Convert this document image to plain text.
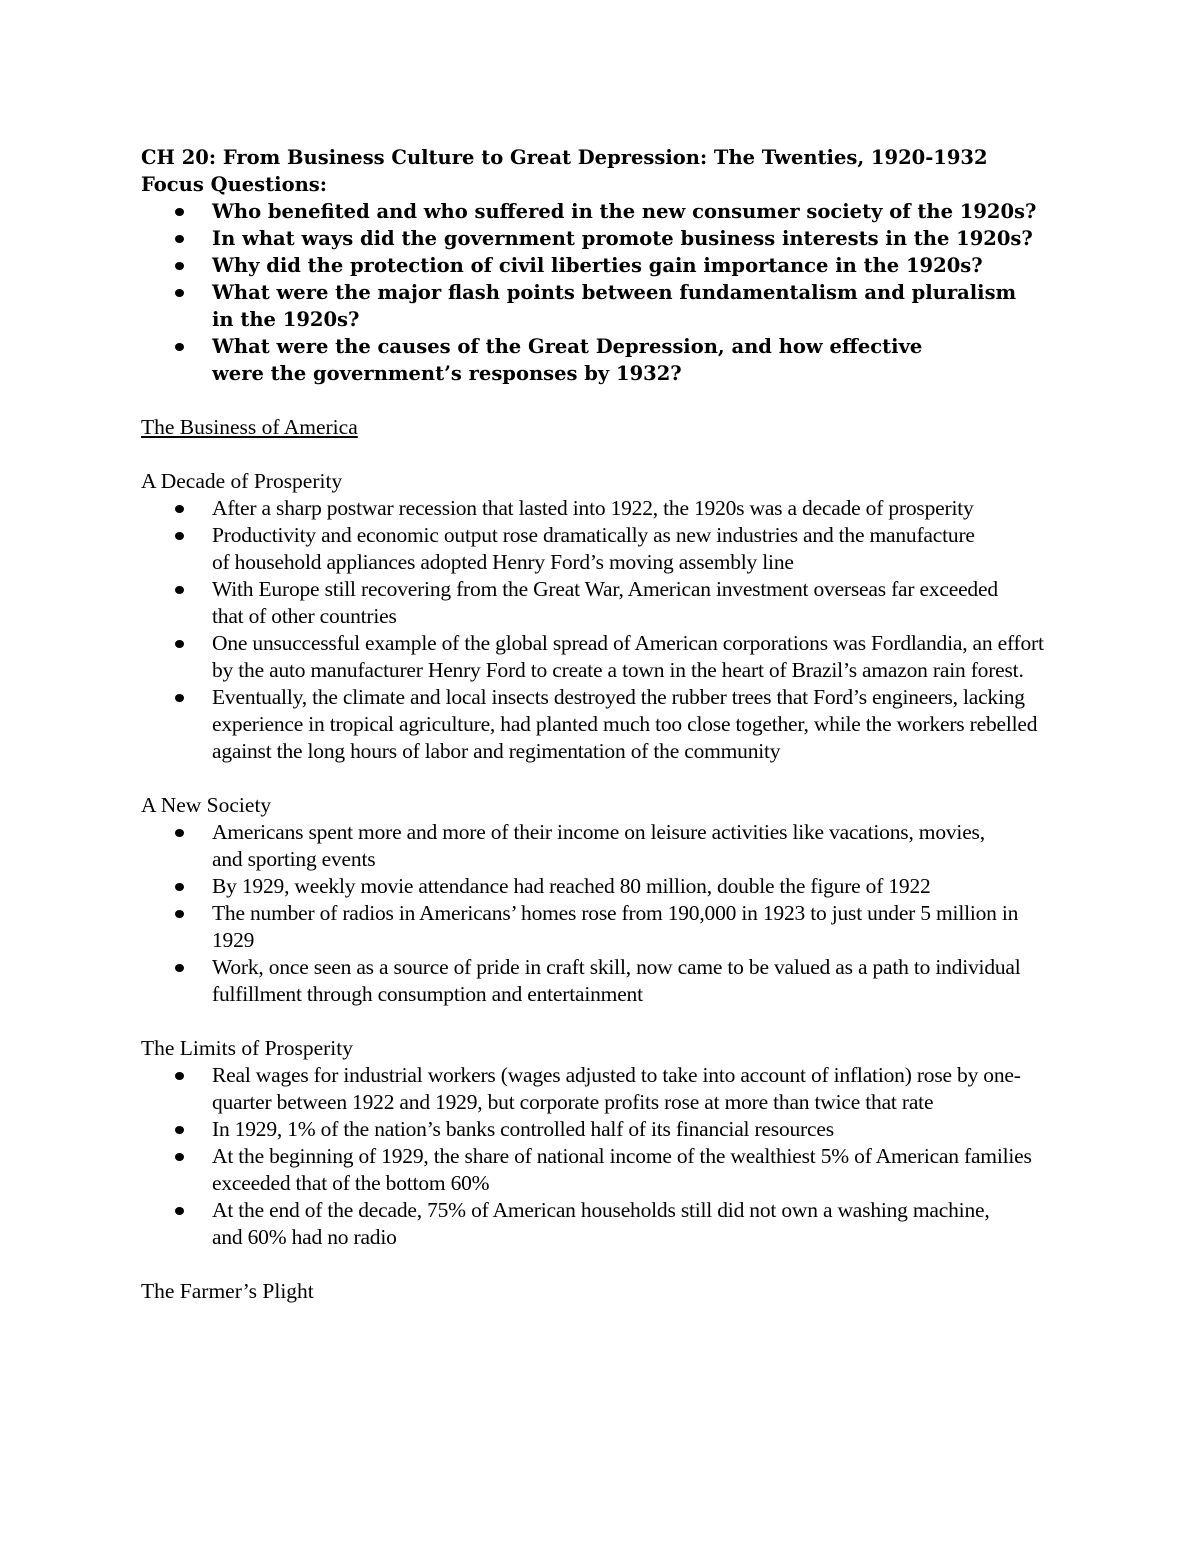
CH 20: From Business Culture to Great Depression: The Twenties, 1920-1932

Focus Questions:

Who benefited and who suffered in the new consumer society of the 1920s?
In what ways did the government promote business interests in the 1920s?
Why did the protection of civil liberties gain importance in the 1920s?
What were the major flash points between fundamentalism and pluralism in the 1920s?
What were the causes of the Great Depression, and how effective were the government’s responses by 1932?

The Business of America

A Decade of Prosperity

After a sharp postwar recession that lasted into 1922, the 1920s was a decade of prosperity
Productivity and economic output rose dramatically as new industries and the manufacture of household appliances adopted Henry Ford’s moving assembly line
With Europe still recovering from the Great War, American investment overseas far exceeded that of other countries
One unsuccessful example of the global spread of American corporations was Fordlandia, an effort by the auto manufacturer Henry Ford to create a town in the heart of Brazil’s amazon rain forest.
Eventually, the climate and local insects destroyed the rubber trees that Ford’s engineers, lacking experience in tropical agriculture, had planted much too close together, while the workers rebelled against the long hours of labor and regimentation of the community

A New Society

Americans spent more and more of their income on leisure activities like vacations, movies, and sporting events
By 1929, weekly movie attendance had reached 80 million, double the figure of 1922
The number of radios in Americans’ homes rose from 190,000 in 1923 to just under 5 million in 1929
Work, once seen as a source of pride in craft skill, now came to be valued as a path to individual fulfillment through consumption and entertainment

The Limits of Prosperity

Real wages for industrial workers (wages adjusted to take into account of inflation) rose by one-quarter between 1922 and 1929, but corporate profits rose at more than twice that rate
In 1929, 1% of the nation’s banks controlled half of its financial resources
At the beginning of 1929, the share of national income of the wealthiest 5% of American families exceeded that of the bottom 60%
At the end of the decade, 75% of American households still did not own a washing machine, and 60% had no radio

The Farmer’s Plight
